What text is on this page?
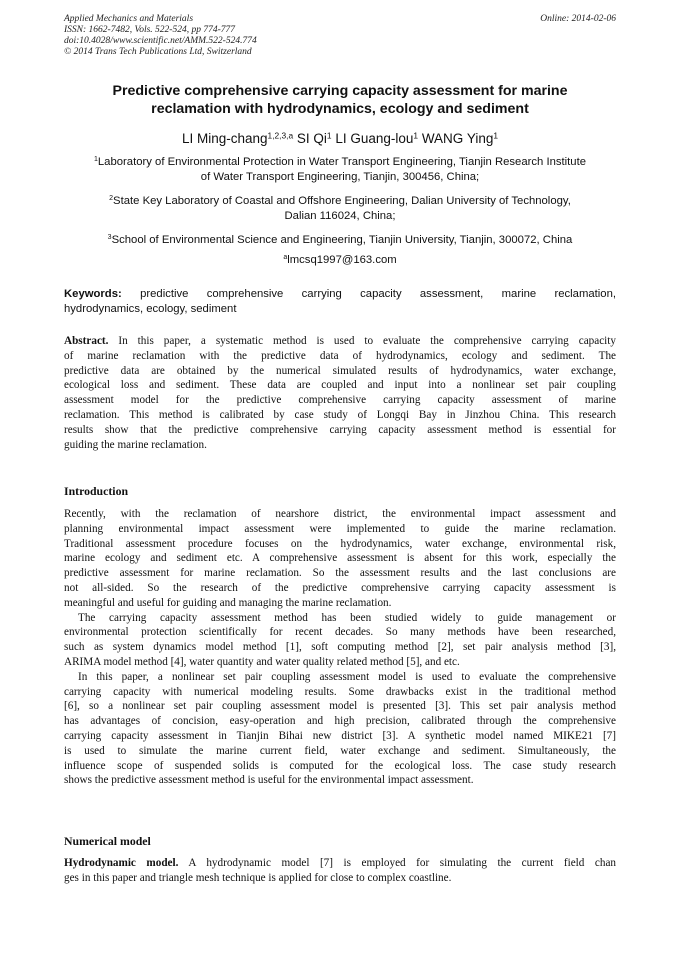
Applied Mechanics and Materials
ISSN: 1662-7482, Vols. 522-524, pp 774-777
doi:10.4028/www.scientific.net/AMM.522-524.774
© 2014 Trans Tech Publications Ltd, Switzerland
Online: 2014-02-06
Predictive comprehensive carrying capacity assessment for marine
reclamation with hydrodynamics, ecology and sediment
LI Ming-chang$^{1,2,3,a}$ SI Qi$^1$ LI Guang-lou$^1$ WANG Ying$^1$
$^1$Laboratory of Environmental Protection in Water Transport Engineering, Tianjin Research Institute
of Water Transport Engineering, Tianjin, 300456, China;
$^2$State Key Laboratory of Coastal and Offshore Engineering, Dalian University of Technology,
Dalian 116024, China;
$^3$School of Environmental Science and Engineering, Tianjin University, Tianjin, 300072, China
$^a$lmcsq1997@163.com
Keywords: predictive comprehensive carrying capacity assessment, marine reclamation,
hydrodynamics, ecology, sediment
Abstract. In this paper, a systematic method is used to evaluate the comprehensive carrying capacity
of marine reclamation with the predictive data of hydrodynamics, ecology and sediment. The
predictive data are obtained by the numerical simulated results of hydrodynamics, water exchange,
ecological loss and sediment. These data are coupled and input into a nonlinear set pair coupling
assessment model for the predictive comprehensive carrying capacity assessment of marine
reclamation. This method is calibrated by case study of Longqi Bay in Jinzhou China. This research
results show that the predictive comprehensive carrying capacity assessment method is essential for
guiding the marine reclamation.
Introduction
Recently, with the reclamation of nearshore district, the environmental impact assessment and
planning environmental impact assessment were implemented to guide the marine reclamation.
Traditional assessment procedure focuses on the hydrodynamics, water exchange, environmental risk,
marine ecology and sediment etc. A comprehensive assessment is absent for this work, especially the
predictive assessment for marine reclamation. So the assessment results and the last conclusions are
not all-sided. So the research of the predictive comprehensive carrying capacity assessment is
meaningful and useful for guiding and managing the marine reclamation.
The carrying capacity assessment method has been studied widely to guide management or
environmental protection scientifically for recent decades. So many methods have been researched,
such as system dynamics model method [1], soft computing method [2], set pair analysis method [3],
ARIMA model method [4], water quantity and water quality related method [5], and etc.
In this paper, a nonlinear set pair coupling assessment model is used to evaluate the comprehensive
carrying capacity with numerical modeling results. Some drawbacks exist in the traditional method
[6], so a nonlinear set pair coupling assessment model is presented [3]. This set pair analysis method
has advantages of concision, easy-operation and high precision, calibrated through the comprehensive
carrying capacity assessment in Tianjin Bihai new district [3]. A synthetic model named MIKE21 [7]
is used to simulate the marine current field, water exchange and sediment. Simultaneously, the
influence scope of suspended solids is computed for the ecological loss. The case study research
shows the predictive assessment method is useful for the environmental impact assessment.
Numerical model
Hydrodynamic model. A hydrodynamic model [7] is employed for simulating the current field chan
ges in this paper and triangle mesh technique is applied for close to complex coastline.
